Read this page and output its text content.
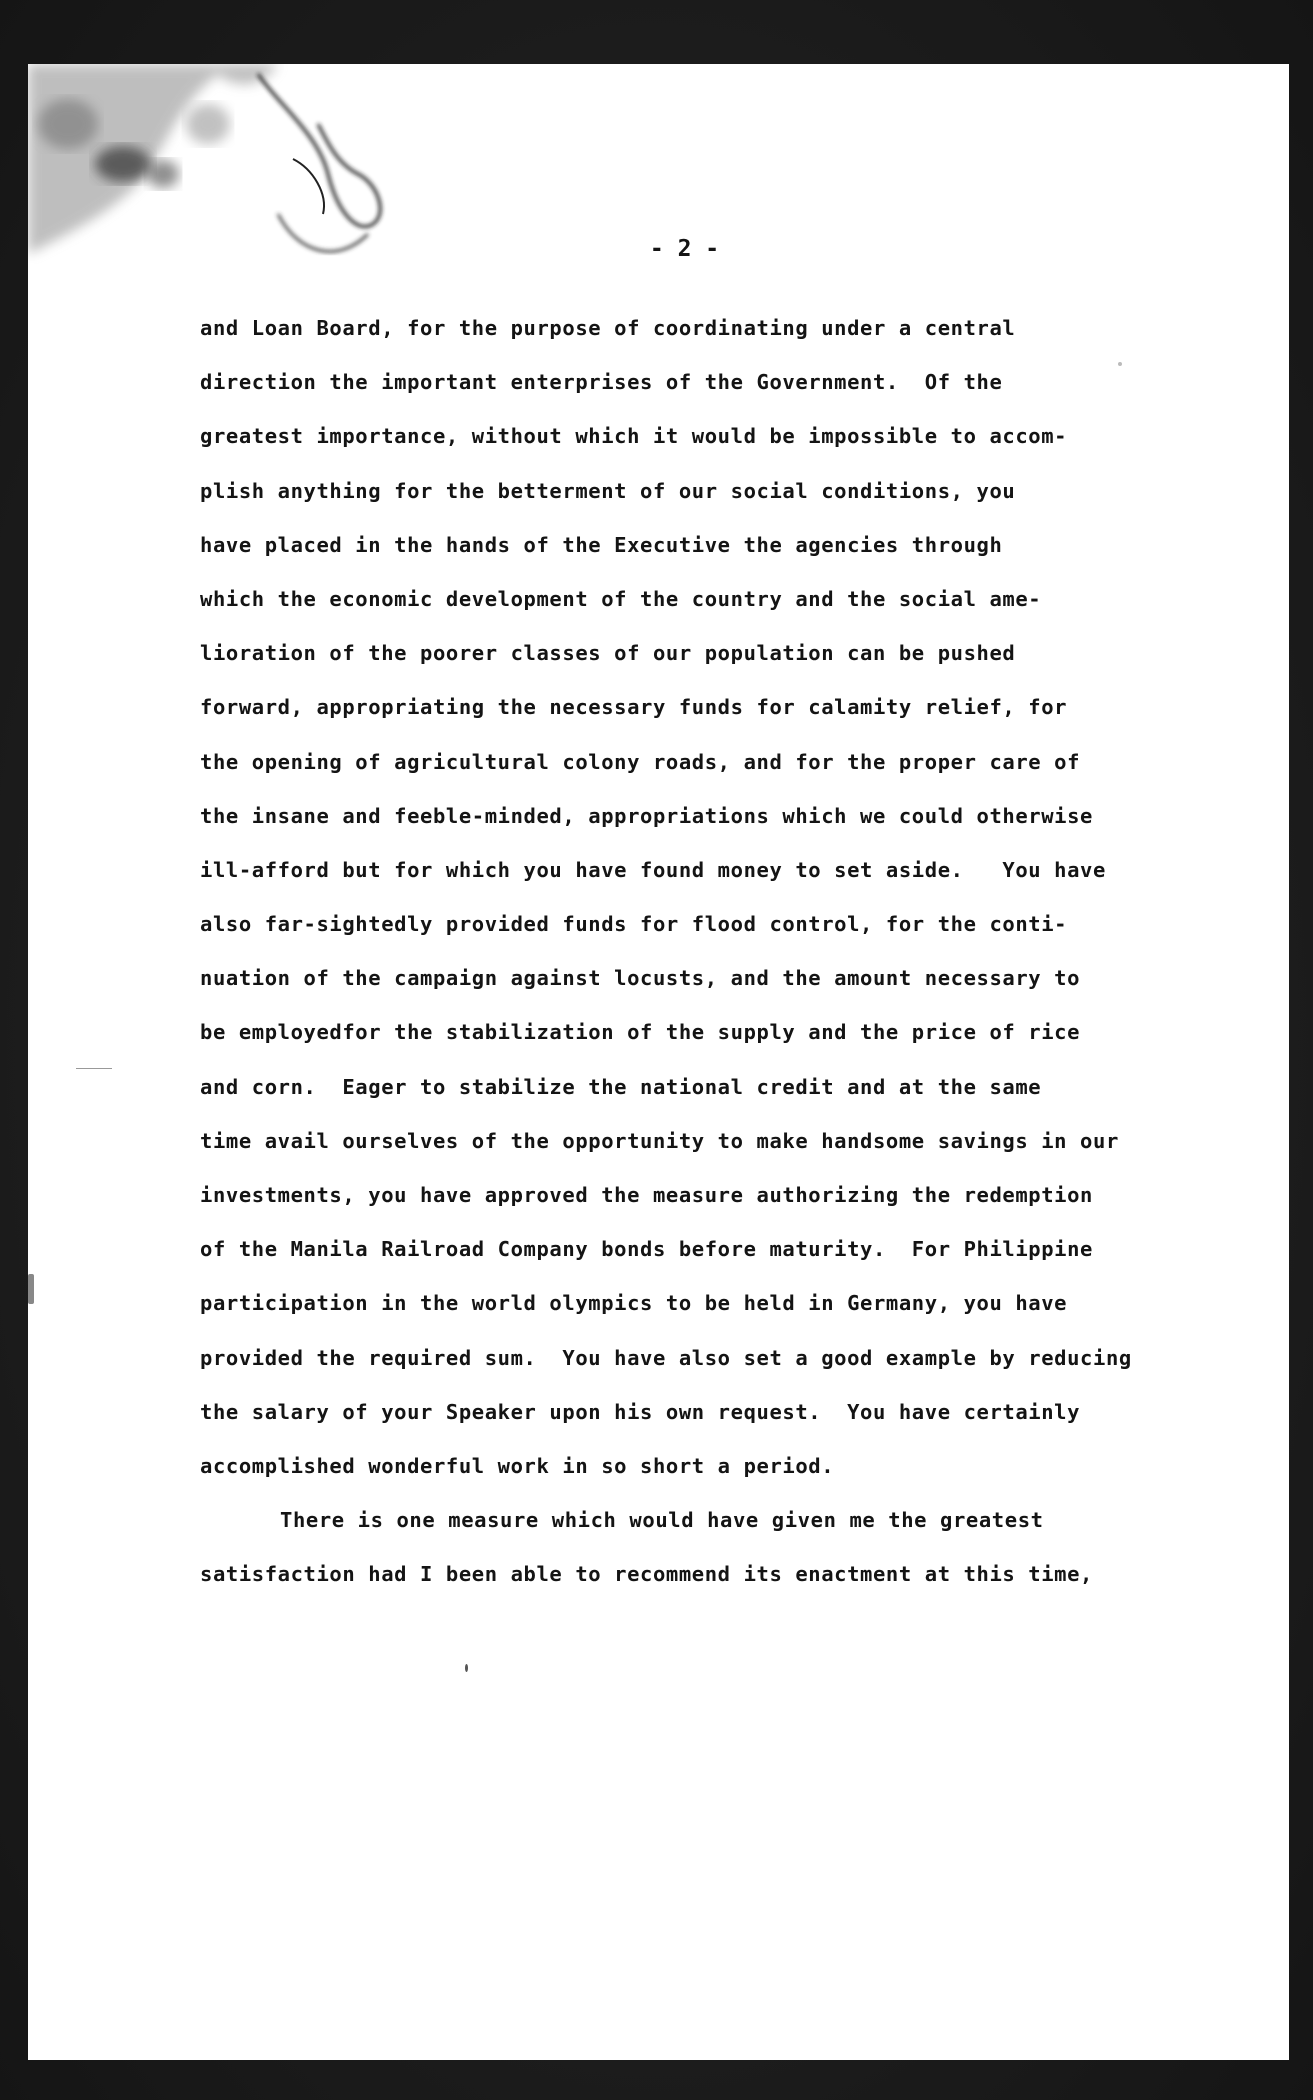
- 2 -
and Loan Board, for the purpose of coordinating under a central
direction the important enterprises of the Government.  Of the
greatest importance, without which it would be impossible to accom-
plish anything for the betterment of our social conditions, you
have placed in the hands of the Executive the agencies through
which the economic development of the country and the social ame-
lioration of the poorer classes of our population can be pushed
forward, appropriating the necessary funds for calamity relief, for
the opening of agricultural colony roads, and for the proper care of
the insane and feeble-minded, appropriations which we could otherwise
ill-afford but for which you have found money to set aside.   You have
also far-sightedly provided funds for flood control, for the conti-
nuation of the campaign against locusts, and the amount necessary to
be employedfor the stabilization of the supply and the price of rice
and corn.  Eager to stabilize the national credit and at the same
time avail ourselves of the opportunity to make handsome savings in our
investments, you have approved the measure authorizing the redemption
of the Manila Railroad Company bonds before maturity.  For Philippine
participation in the world olympics to be held in Germany, you have
provided the required sum.  You have also set a good example by reducing
the salary of your Speaker upon his own request.  You have certainly
accomplished wonderful work in so short a period.
There is one measure which would have given me the greatest
satisfaction had I been able to recommend its enactment at this time,
